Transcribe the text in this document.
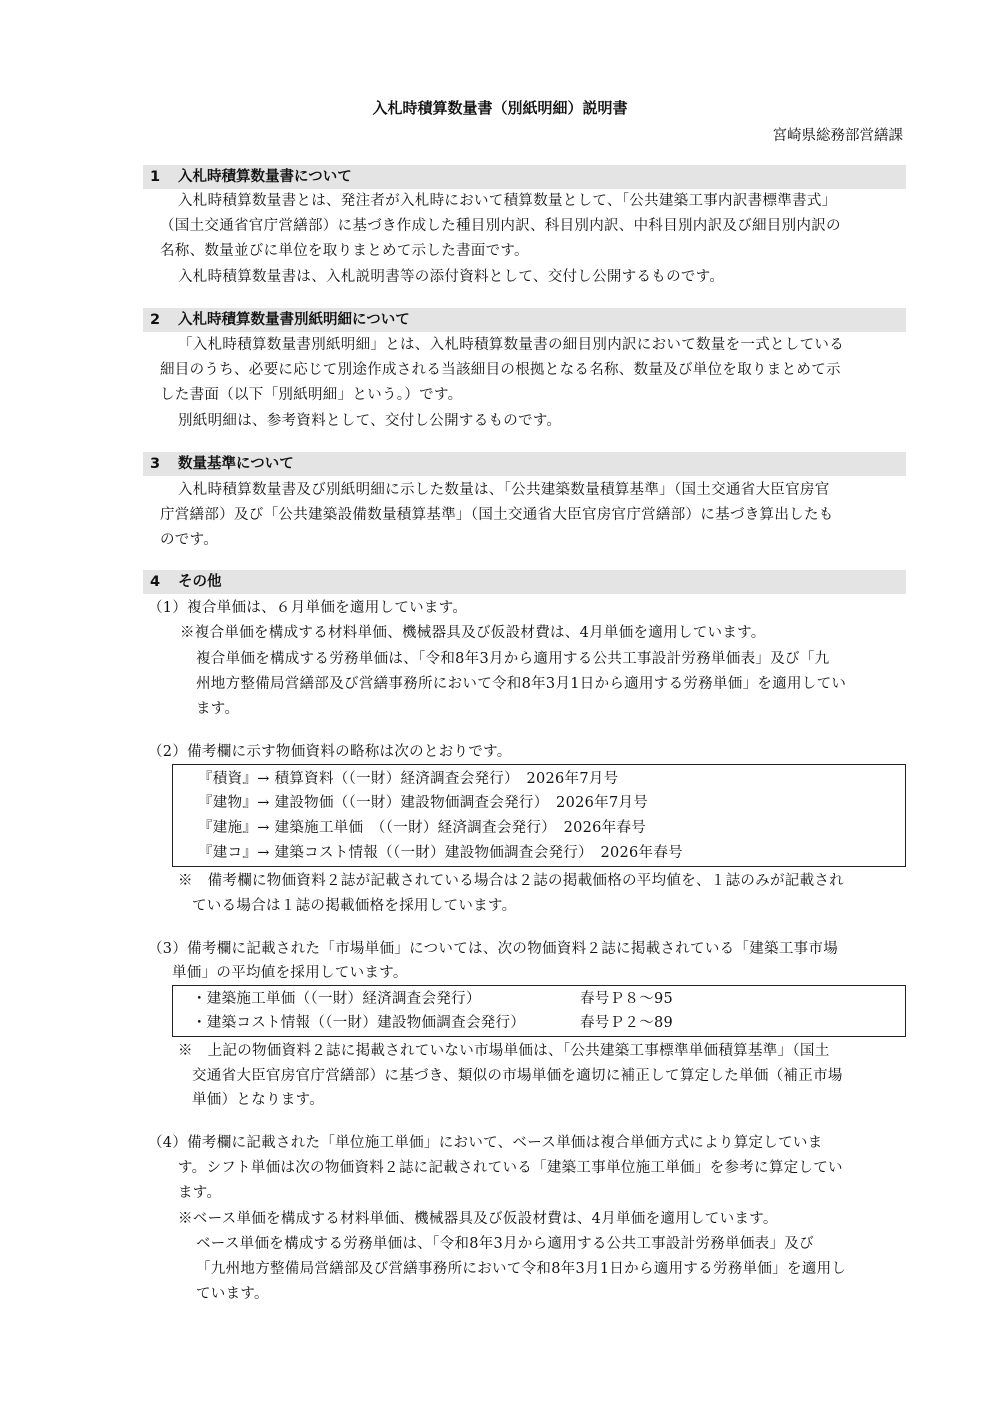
入札時積算数量書（別紙明細）説明書
宮崎県総務部営繕課
1 入札時積算数量書について
入札時積算数量書とは、発注者が入札時において積算数量として、「公共建築工事内訳書標準書式」
（国土交通省官庁営繕部）に基づき作成した種目別内訳、科目別内訳、中科目別内訳及び細目別内訳の
名称、数量並びに単位を取りまとめて示した書面です。
入札時積算数量書は、入札説明書等の添付資料として、交付し公開するものです。
2 入札時積算数量書別紙明細について
「入札時積算数量書別紙明細」とは、入札時積算数量書の細目別内訳において数量を一式としている
細目のうち、必要に応じて別途作成される当該細目の根拠となる名称、数量及び単位を取りまとめて示
した書面（以下「別紙明細」という。）です。
別紙明細は、参考資料として、交付し公開するものです。
3 数量基準について
入札時積算数量書及び別紙明細に示した数量は、「公共建築数量積算基準」（国土交通省大臣官房官
庁営繕部）及び「公共建築設備数量積算基準」（国土交通省大臣官房官庁営繕部）に基づき算出したも
のです。
4 その他
（1）複合単価は、６月単価を適用しています。
※複合単価を構成する材料単価、機械器具及び仮設材費は、4月単価を適用しています。
複合単価を構成する労務単価は、「令和8年3月から適用する公共工事設計労務単価表」及び「九
州地方整備局営繕部及び営繕事務所において令和8年3月1日から適用する労務単価」を適用してい
ます。
（2）備考欄に示す物価資料の略称は次のとおりです。
『積資』→ 積算資料（（一財）経済調査会発行）　2026年7月号
『建物』→ 建設物価（（一財）建設物価調査会発行）　2026年7月号
『建施』→ 建築施工単価　（（一財）経済調査会発行）　2026年春号
『建コ』→ 建築コスト情報（（一財）建設物価調査会発行）　2026年春号
※　備考欄に物価資料２誌が記載されている場合は２誌の掲載価格の平均値を、１誌のみが記載され
ている場合は１誌の掲載価格を採用しています。
（3）備考欄に記載された「市場単価」については、次の物価資料２誌に掲載されている「建築工事市場
単価」の平均値を採用しています。
・建築施工単価（（一財）経済調査会発行）	春号Ｐ８～95
・建築コスト情報（（一財）建設物価調査会発行）	春号Ｐ２～89
※　上記の物価資料２誌に掲載されていない市場単価は、「公共建築工事標準単価積算基準」（国土
交通省大臣官房官庁営繕部）に基づき、類似の市場単価を適切に補正して算定した単価（補正市場
単価）となります。
（4）備考欄に記載された「単位施工単価」において、ベース単価は複合単価方式により算定していま
す。シフト単価は次の物価資料２誌に記載されている「建築工事単位施工単価」を参考に算定してい
ます。
※ベース単価を構成する材料単価、機械器具及び仮設材費は、4月単価を適用しています。
ベース単価を構成する労務単価は、「令和8年3月から適用する公共工事設計労務単価表」及び
「九州地方整備局営繕部及び営繕事務所において令和8年3月1日から適用する労務単価」を適用し
ています。
